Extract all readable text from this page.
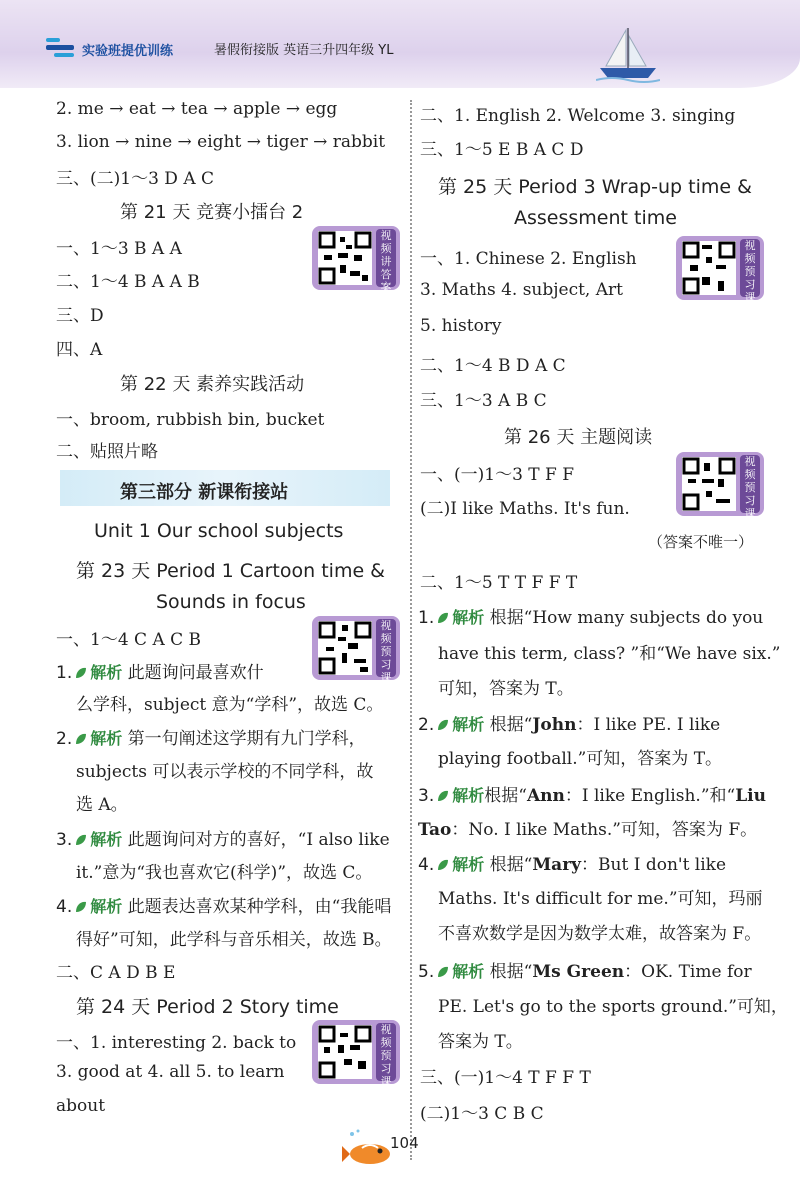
实验班提优训练	暑假衔接版 英语三升四年级 YL
2. me → eat → tea → apple → egg
3. lion → nine → eight → tiger → rabbit
三、(二)1～3 D A C
第 21 天 竞赛小擂台 2
一、1～3 B A A
二、1～4 B A A B
三、D
四、A
视频讲答案
第 22 天 素养实践活动
一、broom, rubbish bin, bucket
二、贴照片略
第三部分 新课衔接站
Unit 1 Our school subjects
第 23 天 Period 1 Cartoon time &
Sounds in focus
一、1～4 C A C B
视频预习课
1. 解析 此题询问最喜欢什
么学科，subject 意为“学科”，故选 C。
2. 解析 第一句阐述这学期有九门学科，
subjects 可以表示学校的不同学科，故
选 A。
3. 解析 此题询问对方的喜好，“I also like
it.”意为“我也喜欢它(科学)”，故选 C。
4. 解析 此题表达喜欢某种学科，由“我能唱
得好”可知，此学科与音乐相关，故选 B。
二、C A D B E
第 24 天 Period 2 Story time
一、1. interesting 2. back to
3. good at 4. all 5. to learn
about
视频预习课
二、1. English 2. Welcome 3. singing
三、1～5 E B A C D
第 25 天 Period 3 Wrap-up time &
Assessment time
一、1. Chinese 2. English
3. Maths 4. subject, Art
5. history
二、1～4 B D A C
三、1～3 A B C
视频预习课
第 26 天 主题阅读
一、(一)1～3 T F F
(二)I like Maths. It's fun.
（答案不唯一）
视频预习课
二、1～5 T T F F T
1. 解析 根据“How many subjects do you
have this term, class? ”和“We have six.”
可知，答案为 T。
2. 解析 根据“John：I like PE. I like
playing football.”可知，答案为 T。
3. 解析根据“Ann：I like English.”和“Liu
Tao：No. I like Maths.”可知，答案为 F。
4. 解析 根据“Mary：But I don't like
Maths. It's difficult for me.”可知，玛丽
不喜欢数学是因为数学太难，故答案为 F。
5. 解析 根据“Ms Green：OK. Time for
PE. Let's go to the sports ground.”可知，
答案为 T。
三、(一)1～4 T F F T
(二)1～3 C B C
104
